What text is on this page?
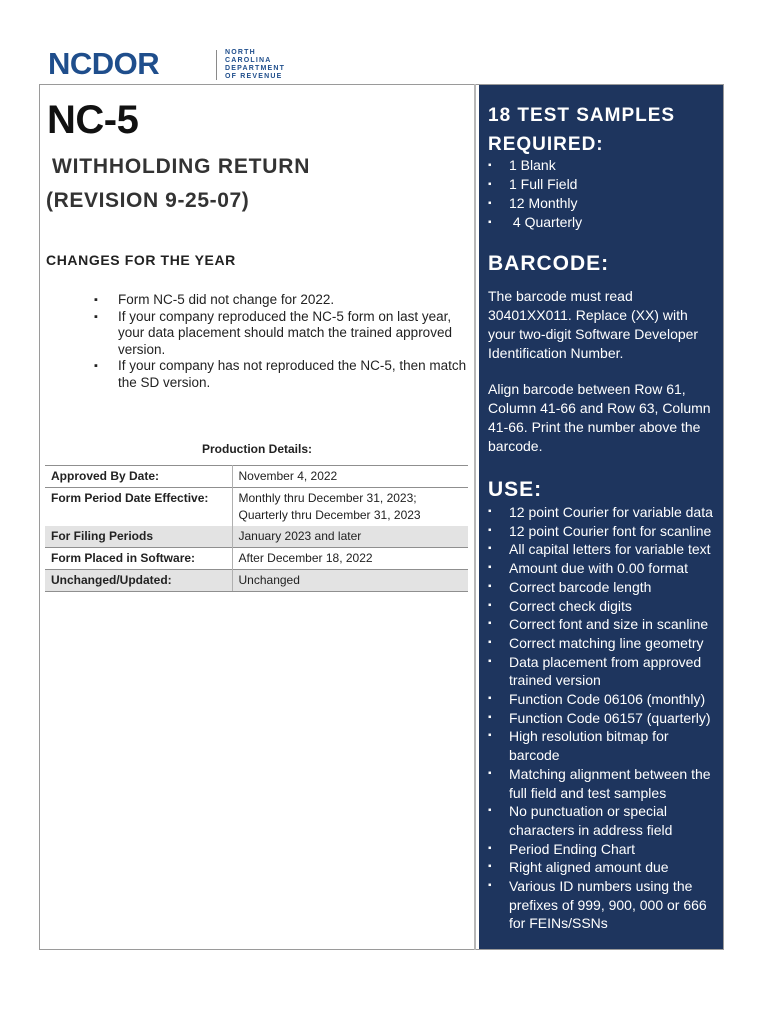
NCDOR	NORTH
CAROLINA
DEPARTMENT
OF REVENUE
NC-5
WITHHOLDING RETURN
(REVISION 9-25-07)
CHANGES FOR THE YEAR
▪ Form NC-5 did not change for 2022.
▪ If your company reproduced the NC-5 form on last year, your data placement should match the trained approved version.
▪ If your company has not reproduced the NC-5, then match the SD version.
Production Details:
Approved By Date:	November 4, 2022
Form Period Date Effective:	Monthly thru December 31, 2023; Quarterly thru December 31, 2023
For Filing Periods	January 2023 and later
Form Placed in Software:	After December 18, 2022
Unchanged/Updated:	Unchanged
18 TEST SAMPLES REQUIRED:
▪ 1 Blank
▪ 1 Full Field
▪ 12 Monthly
▪  4 Quarterly
BARCODE:
The barcode must read 30401XX011. Replace (XX) with your two-digit Software Developer Identification Number.
Align barcode between Row 61, Column 41-66 and Row 63, Column 41-66. Print the number above the barcode.
USE:
▪ 12 point Courier for variable data
▪ 12 point Courier font for scanline
▪ All capital letters for variable text
▪ Amount due with 0.00 format
▪ Correct barcode length
▪ Correct check digits
▪ Correct font and size in scanline
▪ Correct matching line geometry
▪ Data placement from approved trained version
▪ Function Code 06106 (monthly)
▪ Function Code 06157 (quarterly)
▪ High resolution bitmap for barcode
▪ Matching alignment between the full field and test samples
▪ No punctuation or special characters in address field
▪ Period Ending Chart
▪ Right aligned amount due
▪ Various ID numbers using the prefixes of 999, 900, 000 or 666 for FEINs/SSNs
